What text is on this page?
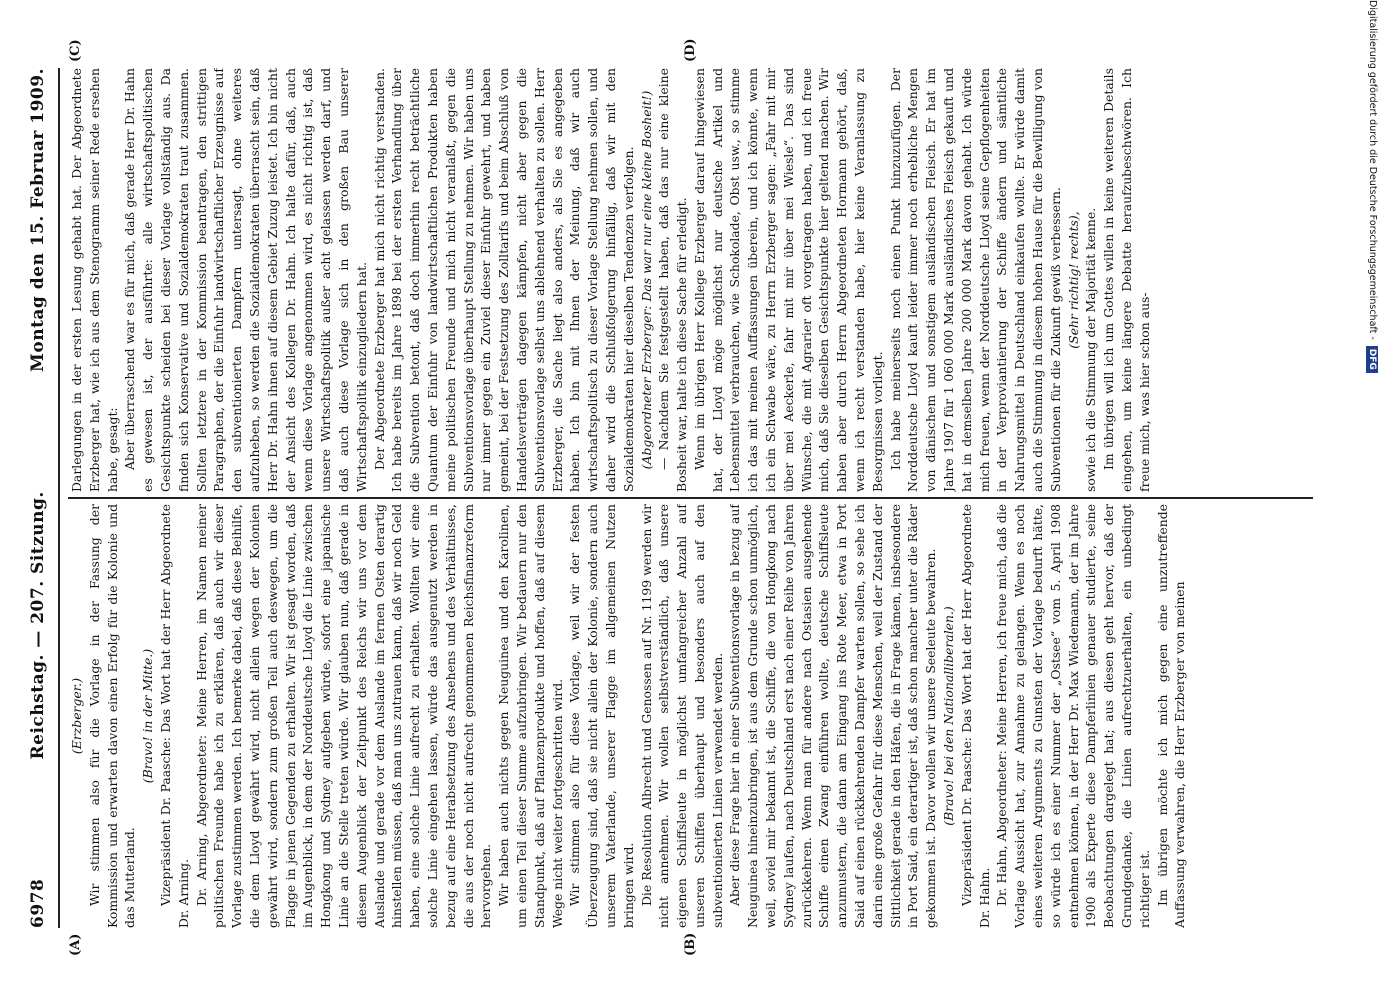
6978
Reichstag. — 207. Sitzung.
Montag den 15. Februar 1909.

(Erzberger.) Wir stimmen also für die Vorlage in der Fassung der Kommission und erwarten davon einen Erfolg für die Kolonie und das Mutterland.

(Bravo! in der Mitte.) Vizepräsident Dr. Paasche: Das Wort hat der Herr Abgeordnete Dr. Arning. Dr. Arning, Abgeordneter: Meine Herren, im Namen meiner politischen Freunde habe ich zu erklären, daß auch wir dieser Vorlage zustimmen werden. Ich bemerke dabei, daß diese Beihilfe, die dem Lloyd gewährt wird, nicht allein wegen der Kolonien gewährt wird, sondern zum großen Teil auch deswegen, um die Flagge in jenen Gegenden zu erhalten. Wir ist gesagt worden, daß im Augenblick, in dem der Norddeutsche Lloyd die Linie zwischen Hongkong und Sydney aufgeben würde, sofort eine japanische Linie an die Stelle treten würde. Wir glauben nun, daß gerade in diesem Augenblick der Zeitpunkt des Reichs wir uns vor dem Auslande und gerade vor dem Auslande im fernen Osten derartig hinstellen müssen, daß man uns zutrauen kann, daß wir noch Geld haben, eine solche Linie aufrecht zu erhalten. Wollten wir eine solche Linie eingehen lassen, würde das ausgenutzt werden in bezug auf eine Herabsetzung des Ansehens und des Verhältnisses, die aus der noch nicht aufrecht genommenen Reichsfinanzreform hervorgehen. Wir haben auch nichts gegen Neuguinea und den Karolinen, um einen Teil dieser Summe aufzubringen. Wir bedauern nur den Standpunkt, daß auf Pflanzenprodukte und hoffen, daß auf diesem Wege nicht weiter fortgeschritten wird. Wir stimmen also für diese Vorlage, weil wir der festen Überzeugung sind, daß sie nicht allein der Kolonie, sondern auch unserem Vaterlande, unserer Flagge im allgemeinen Nutzen bringen wird. Die Resolution Albrecht und Genossen auf Nr. 1199 werden wir nicht annehmen. Wir wollen selbstverständlich, daß unsere eigenen Schiffsleute in möglichst umfangreicher Anzahl auf unseren Schiffen überhaupt und besonders auch auf den subventionierten Linien verwendet werden. Aber diese Frage hier in einer Subventionsvorlage in bezug auf Neuguinea hineinzubringen, ist aus dem Grunde schon unmöglich, weil, soviel mir bekannt ist, die Schiffe, die von Hongkong nach Sydney laufen, nach Deutschland erst nach einer Reihe von Jahren zurückkehren. Wenn man für andere nach Ostasien ausgehende Schiffe einen Zwang einführen wollte, deutsche Schiffsleute anzumustern, die dann am Eingang ins Rote Meer, etwa in Port Said auf einen rückkehrenden Dampfer warten sollen, so sehe ich darin eine große Gefahr für diese Menschen, weil der Zustand der Sittlichkeit gerade in den Häfen, die in Frage kämen, insbesondere in Port Said, ein derartiger ist, daß schon mancher unter die Räder gekommen ist. Davor wollen wir unsere Seeleute bewahren. (Bravo! bei den Nationalliberalen.) Vizepräsident Dr. Paasche: Das Wort hat der Herr Abgeordnete Dr. Hahn. Dr. Hahn, Abgeordneter: Meine Herren, ich freue mich, daß die Vorlage Aussicht hat, zur Annahme zu gelangen. Wenn es noch eines weiteren Arguments zu Gunsten der Vorlage bedurft hätte, so würde ich es einer Nummer der „Ostsee“ vom 5. April 1908 entnehmen können, in der Herr Dr. Max Wiedemann, der im Jahre 1900 als Experte diese Dampferlinien genauer studierte, seine Beobachtungen dargelegt hat; aus diesen geht hervor, daß der Grundgedanke, die Linien aufrechtzuerhalten, ein unbedingt richtiger ist. Im übrigen möchte ich mich gegen eine unzutreffende Auffassung verwahren, die Herr Erzberger von meinen

Darlegungen in der ersten Lesung gehabt hat. Der Abgeordnete Erzberger hat, wie ich aus dem Stenogramm seiner Rede ersehen habe, gesagt: Aber überraschend war es für mich, daß gerade Herr Dr. Hahn es gewesen ist, der ausführte: alle wirtschaftspolitischen Gesichtspunkte scheiden bei dieser Vorlage vollständig aus. Da finden sich Konservative und Sozialdemokraten traut zusammen. Sollten letztere in der Kommission beantragen, den strittigen Paragraphen, der die Einfuhr landwirtschaftlicher Erzeugnisse auf den subventionierten Dampfern untersagt, ohne weiteres aufzuheben, so werden die Sozialdemokraten überrascht sein, daß Herr Dr. Hahn ihnen auf diesem Gebiet Zuzug leistet. Ich bin nicht der Ansicht des Kollegen Dr. Hahn. Ich halte dafür, daß, auch wenn diese Vorlage angenommen wird, es nicht richtig ist, daß unsere Wirtschaftspolitik außer acht gelassen werden darf, und daß auch diese Vorlage sich in den großen Bau unserer Wirtschaftspolitik einzugliedern hat. Der Abgeordnete Erzberger hat mich nicht richtig verstanden. Ich habe bereits im Jahre 1898 bei der ersten Verhandlung über die Subvention betont, daß doch immerhin recht beträchtliche Quantum der Einfuhr von landwirtschaftlichen Produkten haben meine politischen Freunde und mich nicht veranlaßt, gegen die Subventionsvorlage überhaupt Stellung zu nehmen. Wir haben uns nur immer gegen ein Zuviel dieser Einfuhr gewehrt, und haben gemeint, bei der Festsetzung des Zolltarifs und beim Abschluß von Handelsverträgen dagegen kämpfen, nicht aber gegen die Subventionsvorlage selbst uns ablehnend verhalten zu sollen. Herr Erzberger, die Sache liegt also anders, als Sie es angegeben haben. Ich bin mit Ihnen der Meinung, daß wir auch wirtschaftspolitisch zu dieser Vorlage Stellung nehmen sollen, und daher wird die Schlußfolgerung hinfällig, daß wir mit den Sozialdemokraten hier dieselben Tendenzen verfolgen. (Abgeordneter Erzberger: Das war nur eine kleine Bosheit!) — Nachdem Sie festgestellt haben, daß das nur eine kleine Bosheit war, halte ich diese Sache für erledigt. Wenn im übrigen Herr Kollege Erzberger darauf hingewiesen hat, der Lloyd möge möglichst nur deutsche Artikel und Lebensmittel verbrauchen, wie Schokolade, Obst usw., so stimme ich das mit meinen Auffassungen überein, und ich könnte, wenn ich ein Schwabe wäre, zu Herrn Erzberger sagen: „Fahr mit mir über mei Aeckerle, fahr mit mir über mei Wiesle“. Das sind Wünsche, die mit Agrarier oft vorgetragen haben, und ich freue mich, daß Sie dieselben Gesichtspunkte hier geltend machen. Wir haben aber durch Herrn Abgeordneten Hormann gehört, daß, wenn ich recht verstanden habe, hier keine Veranlassung zu Besorgnissen vorliegt. Ich habe meinerseits noch einen Punkt hinzuzufügen. Der Norddeutsche Lloyd kauft leider immer noch erhebliche Mengen von dänischem und sonstigem ausländischen Fleisch. Er hat im Jahre 1907 für 1 060 000 Mark ausländisches Fleisch gekauft und hat in demselben Jahre 200 000 Mark davon gehabt. Ich würde mich freuen, wenn der Norddeutsche Lloyd seine Gepflogenheiten in der Verproviantierung der Schiffe ändern und sämtliche Nahrungsmittel in Deutschland einkaufen wollte. Er würde damit auch die Stimmung in diesem hohen Hause für die Bewilligung von Subventionen für die Zukunft gewiß verbessern. (Sehr richtig! rechts), sowie ich die Stimmung der Majorität kenne. Im übrigen will ich um Gottes willen in keine weiteren Details eingehen, um keine längere Debatte heraufzubeschwören. Ich freue mich, was hier schon aus-

(A)	(B)
(C)	(D)	Digitalisierung gefördert durch die Deutsche Forschungsgemeinschaft -
DFG
